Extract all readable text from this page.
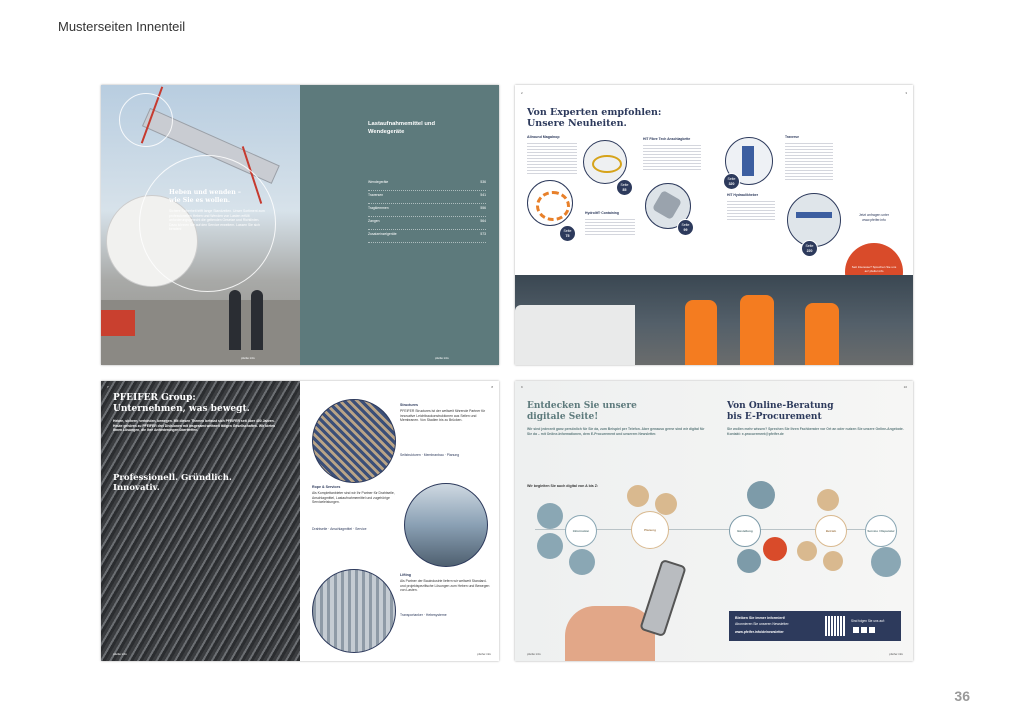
Musterseiten Innenteil
Heben und wenden –
wie Sie es wollen.
Sichere Sicherheit trifft lange Standzeiten. Unser Sortiment zum professionellen Heben und Wenden von Lasten erfüllt anforderungsgerecht die geltenden Gesetze und Richtlinien. Dazu können Sie auf den Service erweitern. Lassen Sie sich beraten!
pfeifer.info
Lastaufnahmemittel und
Wendegeräte
Wendegeräte	536
Traversen	541
Tragklemmen	556
Zangen	564
Zusatzeinzelgeräte	573
pfeifer.info
2	3
Von Experten empfohlen:
Unsere Neuheiten.
Allround Magalnop
Seite
75
Seite
85
Hydrolit® Containing
HIT Fibre Tech Anschlagkette
Seite
99
Seite
320
Traverse
HIT Hydraulikheber
Seite
220
Jetzt anfragen unter www.pfeifer.info
Seit Interesse? Sprechen Sie uns an! pfeifer.info
7
PFEIFER Group:
Unternehmen, was bewegt.
Heben, sichern, verbinden, bewegen. Mit diesen Themen befasst sich PFEIFER seit über 400 Jahren. Heute gehören zu PFEIFER drei Divisionen mit insgesamt weltweit tätigen Gesellschaften. Wir bieten Ihnen Lösungen, die Ihre Anforderungen übertreffen.
Professionell. Gründlich.
Innovativ.
pfeifer.info
8
Structures
PFEIFER Structures ist der weltweit führende Partner für innovative Leichtbaukonstruktionen aus Seilen und Membranen. Von Stadien bis zu Brücken.
Seilstrukturen · Membranbau · Planung
Rope & Services
Als Komplettanbieter sind wir Ihr Partner für Drahtseile, Anschlagmittel, Lastaufnahmemittel und zugehörige Serviceleistungen.
Drahtseile · Anschlagmittel · Service
Lifting
Als Partner der Bauindustrie liefern wir weltweit Standard- und projektspezifische Lösungen zum Heben und Bewegen von Lasten.
Transportanker · Hebesysteme
pfeifer.info
9	10
Entdecken Sie unsere
digitale Seite!
Wir sind jederzeit ganz persönlich für Sie da, zum Beispiel per Telefon. Aber genauso gerne sind wir digital für Sie da – mit Online-Informationen, dem E-Procurement und unserem Newsletter.
Von Online-Beratung
bis E-Procurement
Sie wollen mehr wissen? Sprechen Sie Ihren Fachberater vor Ort an oder nutzen Sie unsere Online-Angebote. Kontakt: e-procurement@pfeifer.de
Wir begleiten Sie auch digital von A bis Z:
Information	Planung	Bestellung	Betrieb	Service / Reparatur
Bleiben Sie immer informiert!
Abonnieren Sie unseren Newsletter:
www.pfeifer.info/de/newsletter
Sind folgen Sie uns auf:
pfeifer.info	pfeifer.info
36
